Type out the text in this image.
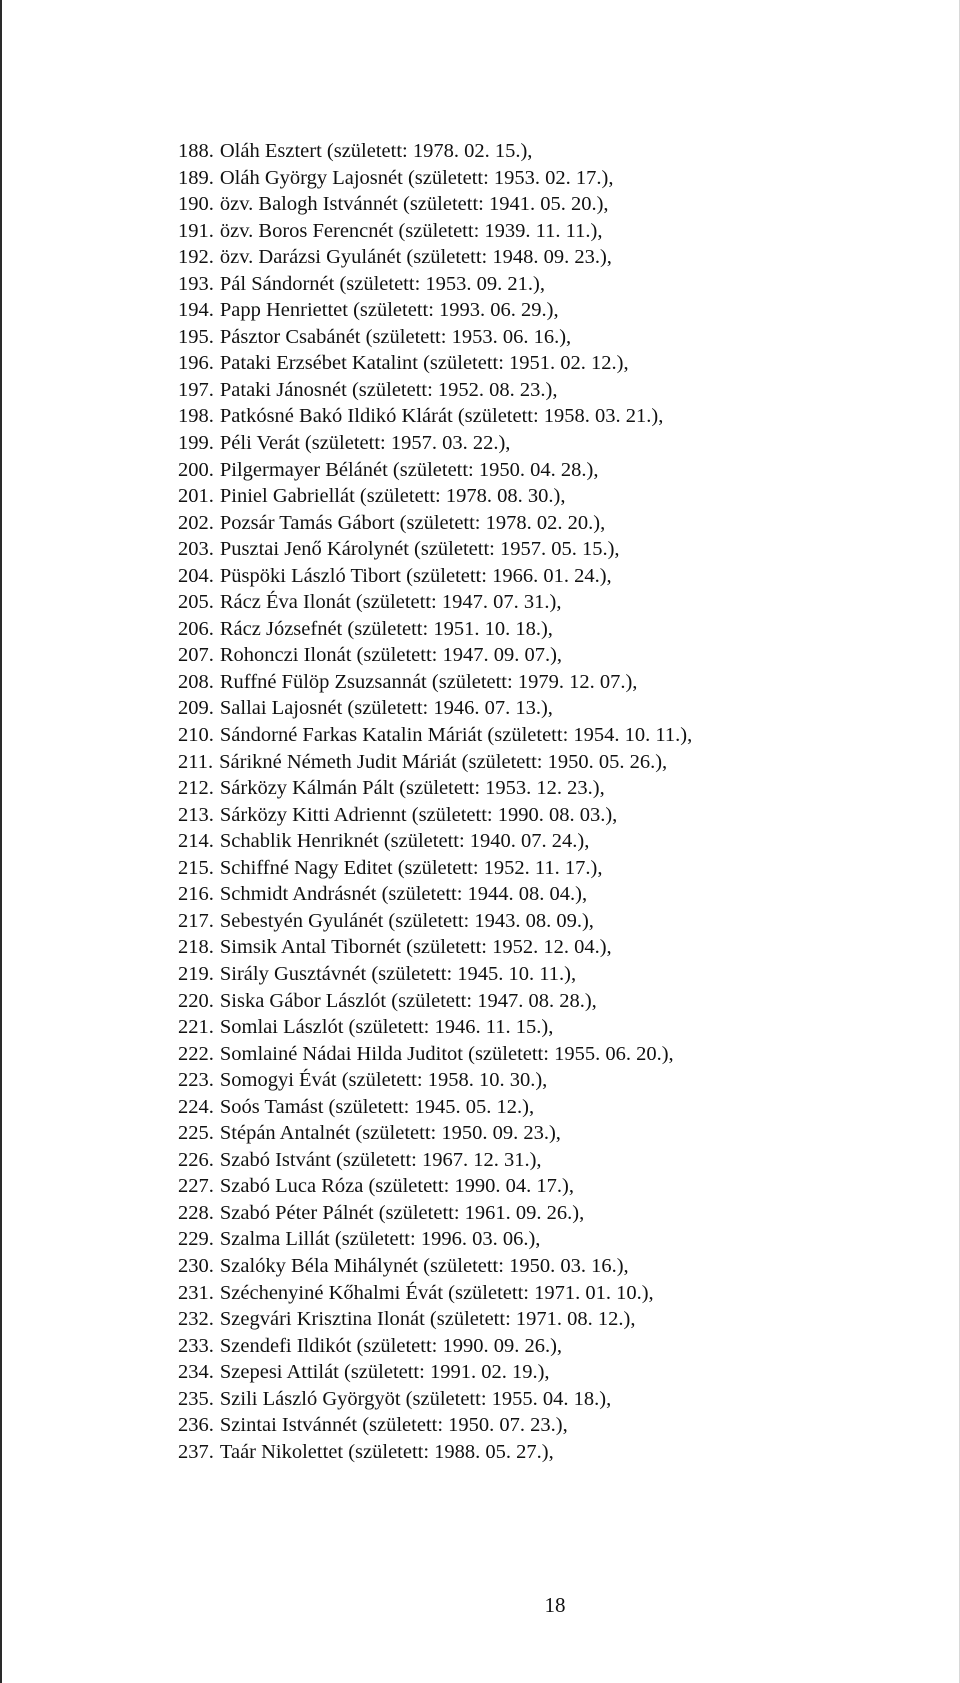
188. Oláh Esztert (született: 1978. 02. 15.),
189. Oláh György Lajosnét (született: 1953. 02. 17.),
190. özv. Balogh Istvánnét (született: 1941. 05. 20.),
191. özv. Boros Ferencnét (született: 1939. 11. 11.),
192. özv. Darázsi Gyulánét (született: 1948. 09. 23.),
193. Pál Sándornét (született: 1953. 09. 21.),
194. Papp Henriettet (született: 1993. 06. 29.),
195. Pásztor Csabánét (született: 1953. 06. 16.),
196. Pataki Erzsébet Katalint (született: 1951. 02. 12.),
197. Pataki Jánosnét (született: 1952. 08. 23.),
198. Patkósné Bakó Ildikó Klárát (született: 1958. 03. 21.),
199. Péli Verát (született: 1957. 03. 22.),
200. Pilgermayer Bélánét (született: 1950. 04. 28.),
201. Piniel Gabriellát (született: 1978. 08. 30.),
202. Pozsár Tamás Gábort (született: 1978. 02. 20.),
203. Pusztai Jenő Károlynét (született: 1957. 05. 15.),
204. Püspöki László Tibort (született: 1966. 01. 24.),
205. Rácz Éva Ilonát (született: 1947. 07. 31.),
206. Rácz Józsefnét (született: 1951. 10. 18.),
207. Rohonczi Ilonát (született: 1947. 09. 07.),
208. Ruffné Fülöp Zsuzsannát (született: 1979. 12. 07.),
209. Sallai Lajosnét (született: 1946. 07. 13.),
210. Sándorné Farkas Katalin Máriát (született: 1954. 10. 11.),
211. Sárikné Németh Judit Máriát (született: 1950. 05. 26.),
212. Sárközy Kálmán Pált (született: 1953. 12. 23.),
213. Sárközy Kitti Adriennt (született: 1990. 08. 03.),
214. Schablik Henriknét (született: 1940. 07. 24.),
215. Schiffné Nagy Editet (született: 1952. 11. 17.),
216. Schmidt Andrásnét (született: 1944. 08. 04.),
217. Sebestyén Gyulánét (született: 1943. 08. 09.),
218. Simsik Antal Tibornét (született: 1952. 12. 04.),
219. Sirály Gusztávnét (született: 1945. 10. 11.),
220. Siska Gábor Lászlót (született: 1947. 08. 28.),
221. Somlai Lászlót (született: 1946. 11. 15.),
222. Somlainé Nádai Hilda Juditot (született: 1955. 06. 20.),
223. Somogyi Évát (született: 1958. 10. 30.),
224. Soós Tamást (született: 1945. 05. 12.),
225. Stépán Antalnét (született: 1950. 09. 23.),
226. Szabó Istvánt (született: 1967. 12. 31.),
227. Szabó Luca Rózа (született: 1990. 04. 17.),
228. Szabó Péter Pálnét (született: 1961. 09. 26.),
229. Szalma Lillát (született: 1996. 03. 06.),
230. Szalóky Béla Mihálynét (született: 1950. 03. 16.),
231. Széchenyiné Kőhalmi Évát (született: 1971. 01. 10.),
232. Szegvári Krisztina Ilonát (született: 1971. 08. 12.),
233. Szendefi Ildikót (született: 1990. 09. 26.),
234. Szepesi Attilát (született: 1991. 02. 19.),
235. Szili László Györgyöt (született: 1955. 04. 18.),
236. Szintai Istvánnét (született: 1950. 07. 23.),
237. Taár Nikolettet (született: 1988. 05. 27.),
18
